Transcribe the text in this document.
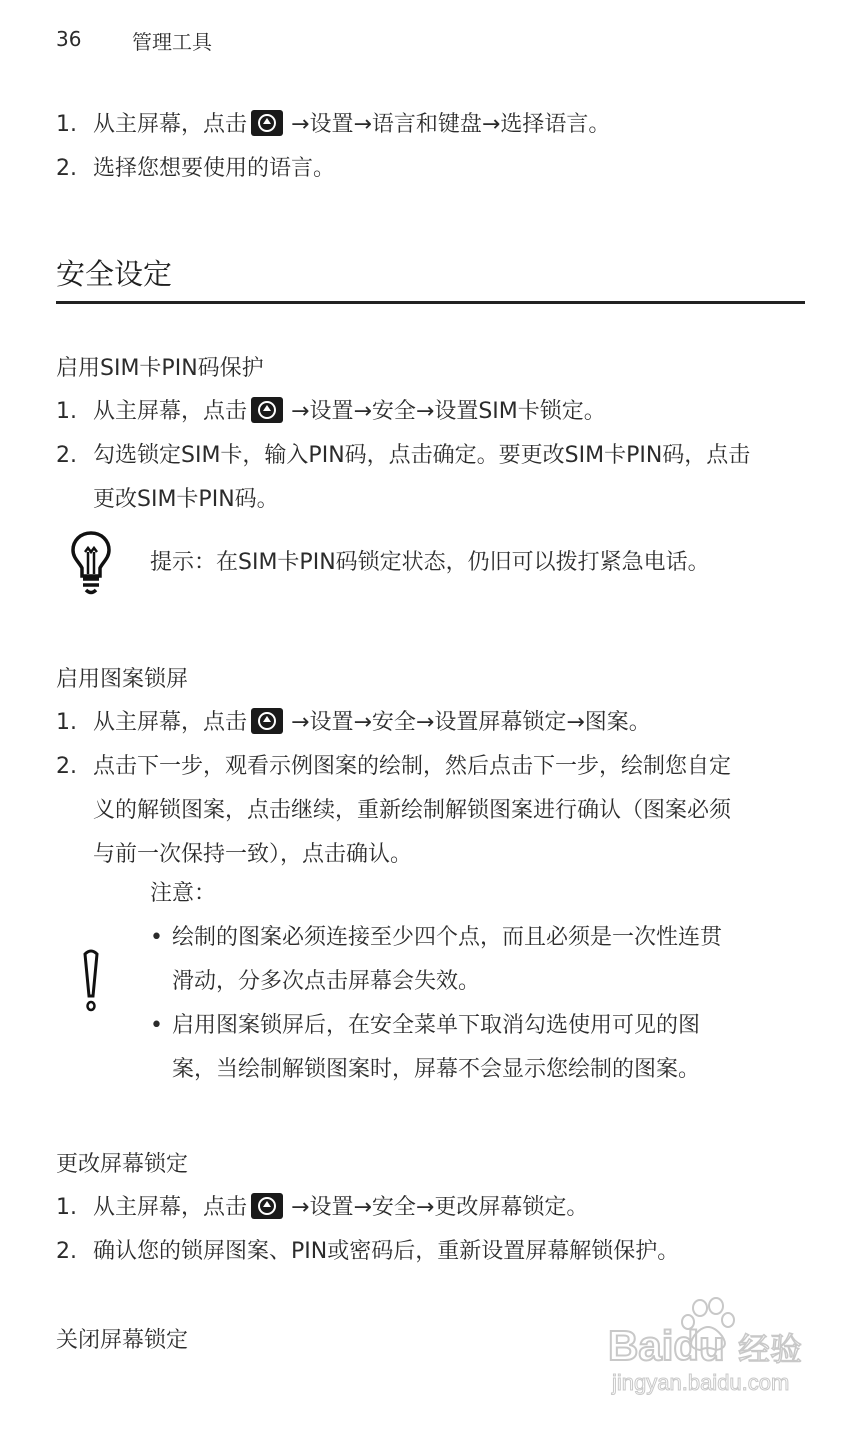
36	管理工具
1. 从主屏幕，点击 →设置→语言和键盘→选择语言。
2. 选择您想要使用的语言。
安全设定
启用SIM卡PIN码保护
1. 从主屏幕，点击 →设置→安全→设置SIM卡锁定。
2. 勾选锁定SIM卡，输入PIN码，点击确定。要更改SIM卡PIN码，点击
更改SIM卡PIN码。
提示：在SIM卡PIN码锁定状态，仍旧可以拨打紧急电话。
启用图案锁屏
1. 从主屏幕，点击 →设置→安全→设置屏幕锁定→图案。
2. 点击下一步，观看示例图案的绘制，然后点击下一步，绘制您自定
义的解锁图案，点击继续，重新绘制解锁图案进行确认（图案必须
与前一次保持一致），点击确认。
注意：
• 绘制的图案必须连接至少四个点，而且必须是一次性连贯
滑动，分多次点击屏幕会失效。
• 启用图案锁屏后，在安全菜单下取消勾选使用可见的图
案，当绘制解锁图案时，屏幕不会显示您绘制的图案。
更改屏幕锁定
1. 从主屏幕，点击 →设置→安全→更改屏幕锁定。
2. 确认您的锁屏图案、PIN或密码后，重新设置屏幕解锁保护。
关闭屏幕锁定	Baidu 经验
jingyan.baidu.com
